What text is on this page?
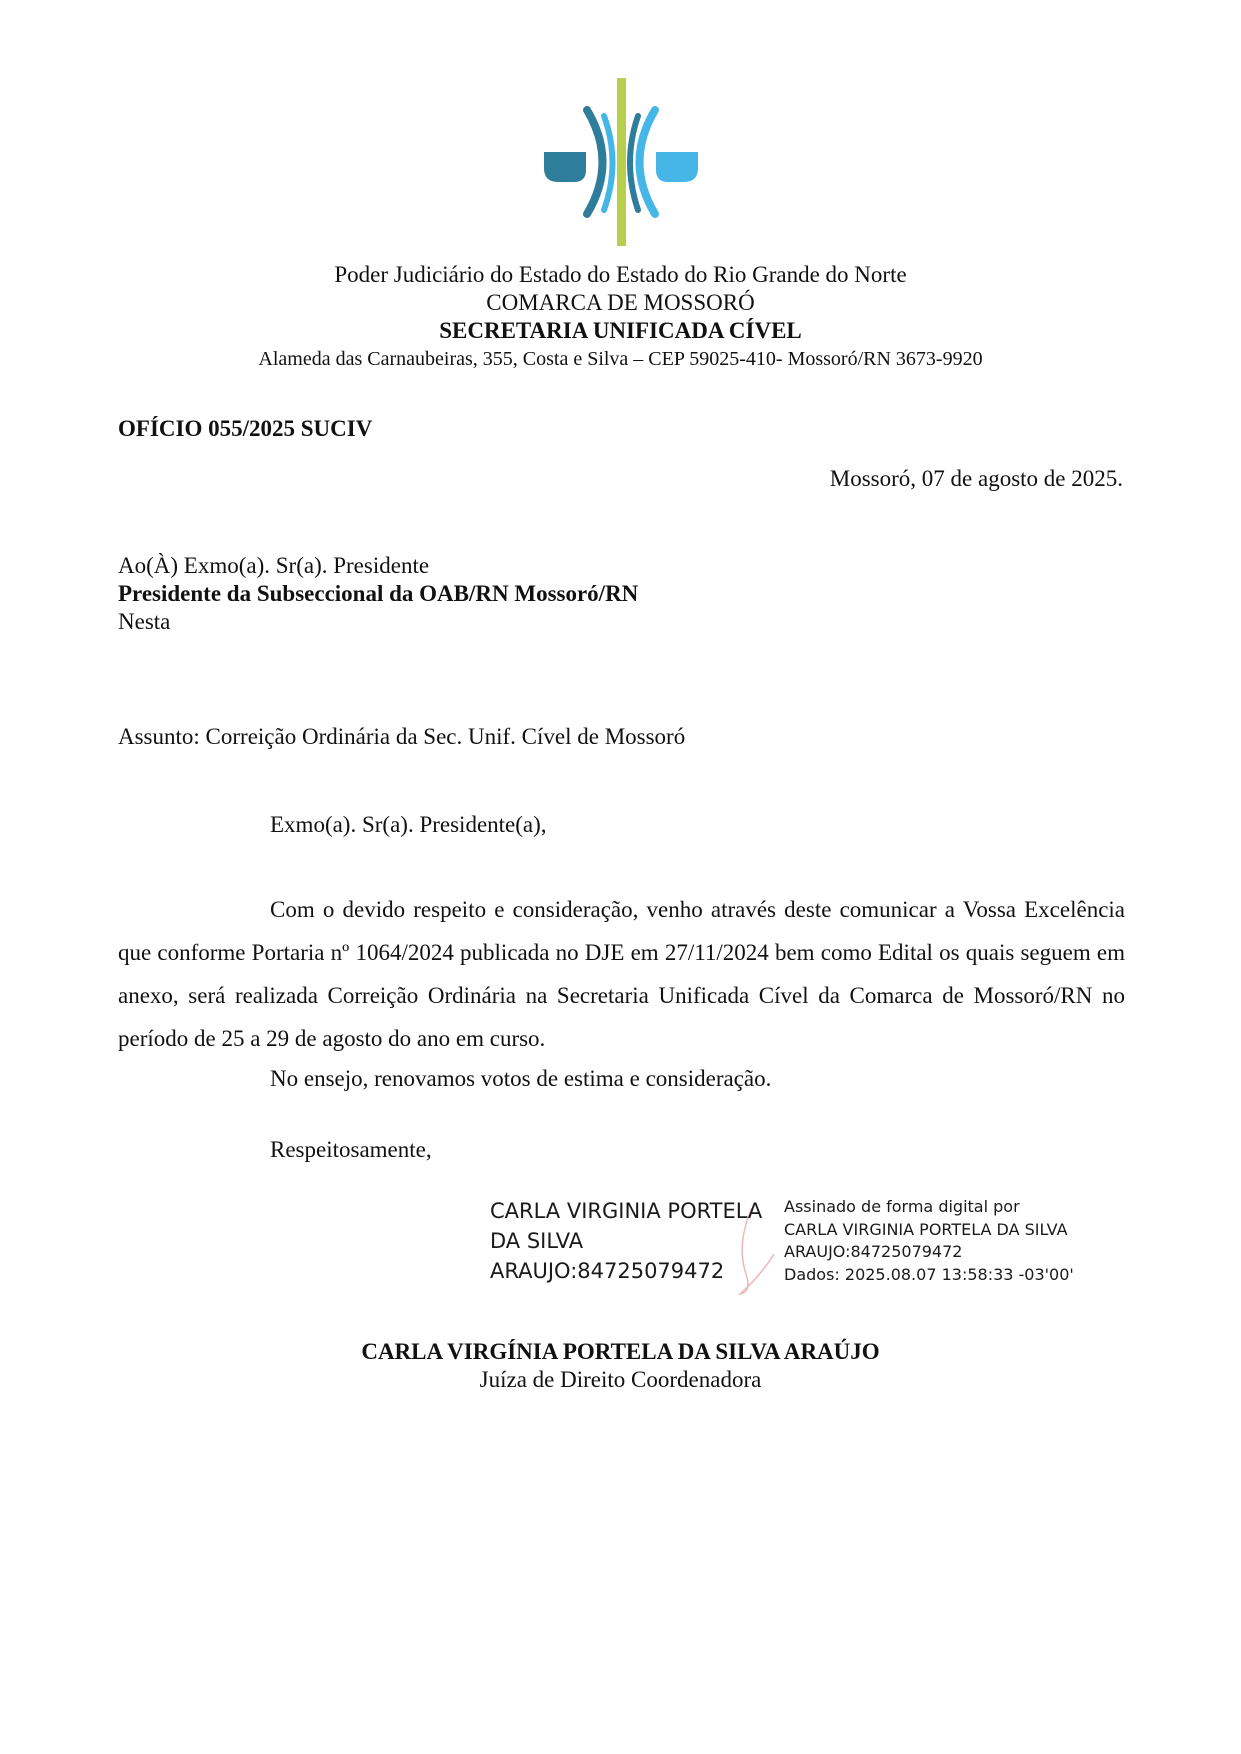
Poder Judiciário do Estado do Estado do Rio Grande do Norte
COMARCA DE MOSSORÓ
SECRETARIA UNIFICADA CÍVEL
Alameda das Carnaubeiras, 355, Costa e Silva – CEP 59025-410- Mossoró/RN 3673-9920
OFÍCIO 055/2025 SUCIV
Mossoró, 07 de agosto de 2025.
Ao(À) Exmo(a). Sr(a). Presidente
Presidente da Subseccional da OAB/RN Mossoró/RN
Nesta
Assunto: Correição Ordinária da Sec. Unif. Cível de Mossoró
Exmo(a). Sr(a). Presidente(a),

Com o devido respeito e consideração, venho através deste comunicar a Vossa Excelência que conforme Portaria nº 1064/2024 publicada no DJE em 27/11/2024 bem como Edital os quais seguem em anexo, será realizada Correição Ordinária na Secretaria Unificada Cível da Comarca de Mossoró/RN no período de 25 a 29 de agosto do ano em curso.

No ensejo, renovamos votos de estima e consideração.
Respeitosamente,
CARLA VIRGINIA PORTELA
DA SILVA
ARAUJO:84725079472
Assinado de forma digital por
CARLA VIRGINIA PORTELA DA SILVA
ARAUJO:84725079472
Dados: 2025.08.07 13:58:33 -03'00'
CARLA VIRGÍNIA PORTELA DA SILVA ARAÚJO
Juíza de Direito Coordenadora
